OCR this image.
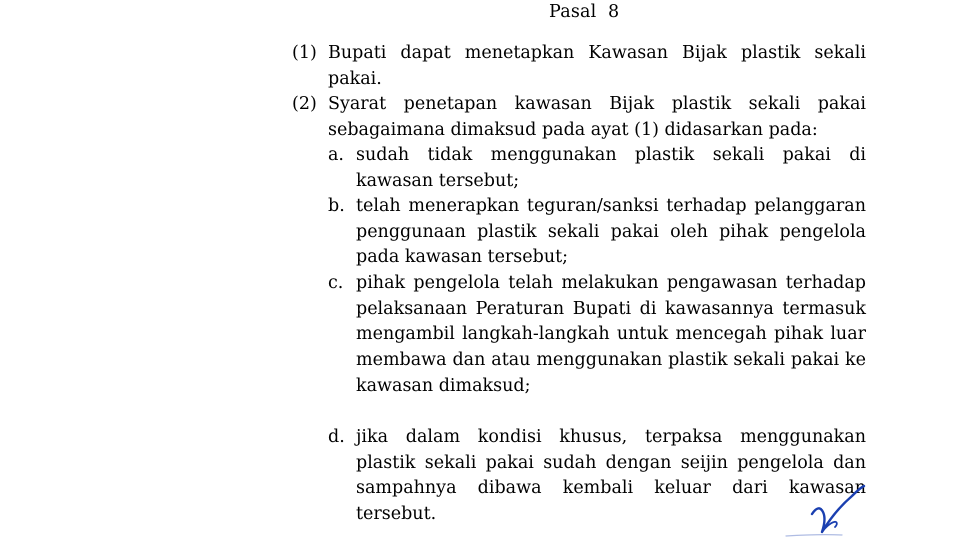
Pasal  8
(1) Bupati dapat menetapkan Kawasan Bijak plastik sekali pakai.
(2) Syarat penetapan kawasan Bijak plastik sekali pakai sebagaimana dimaksud pada ayat (1) didasarkan pada:
a. sudah tidak menggunakan plastik sekali pakai di kawasan tersebut;
b. telah menerapkan teguran/sanksi terhadap pelanggaran penggunaan plastik sekali pakai oleh pihak pengelola pada kawasan tersebut;
c. pihak pengelola telah melakukan pengawasan terhadap pelaksanaan Peraturan Bupati di kawasannya termasuk mengambil langkah-langkah untuk mencegah pihak luar membawa dan atau menggunakan plastik sekali pakai ke kawasan dimaksud;
d. jika dalam kondisi khusus, terpaksa menggunakan plastik sekali pakai sudah dengan seijin pengelola dan sampahnya dibawa kembali keluar dari kawasan tersebut.
